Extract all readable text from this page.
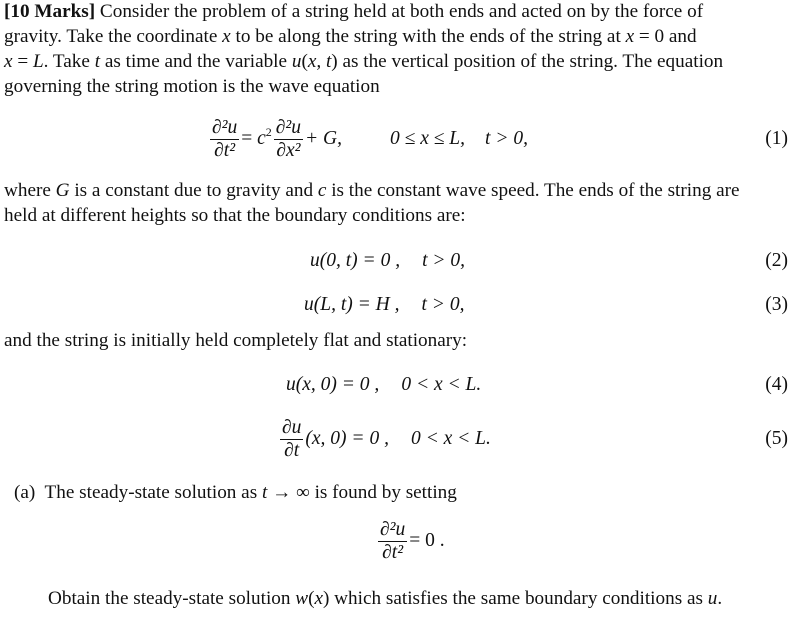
[10 Marks] Consider the problem of a string held at both ends and acted on by the force of
gravity. Take the coordinate x to be along the string with the ends of the string at x = 0 and
x = L. Take t as time and the variable u(x, t) as the vertical position of the string. The equation
governing the string motion is the wave equation
$\frac{\text{∂²u}}{\text{∂t²}} = c^2 \frac{\text{∂²u}}{\text{∂x²}} + G$, 0 ≤ x ≤ L, t > 0,	(1)
where G is a constant due to gravity and c is the constant wave speed. The ends of the string are
held at different heights so that the boundary conditions are:
u(0, t) = 0 , t > 0,	(2)
u(L, t) = H , t > 0,	(3)
and the string is initially held completely flat and stationary:
u(x, 0) = 0 , 0 < x < L.	(4)
$\frac{\partial u}{\partial t} (x$, 0) = 0 , 0 < x < L.	(5)
(a) The steady-state solution as t → ∞ is found by setting
$\frac{\text{∂²u}}{\text{∂t²}} = 0$ .
Obtain the steady-state solution w(x) which satisfies the same boundary conditions as u.
